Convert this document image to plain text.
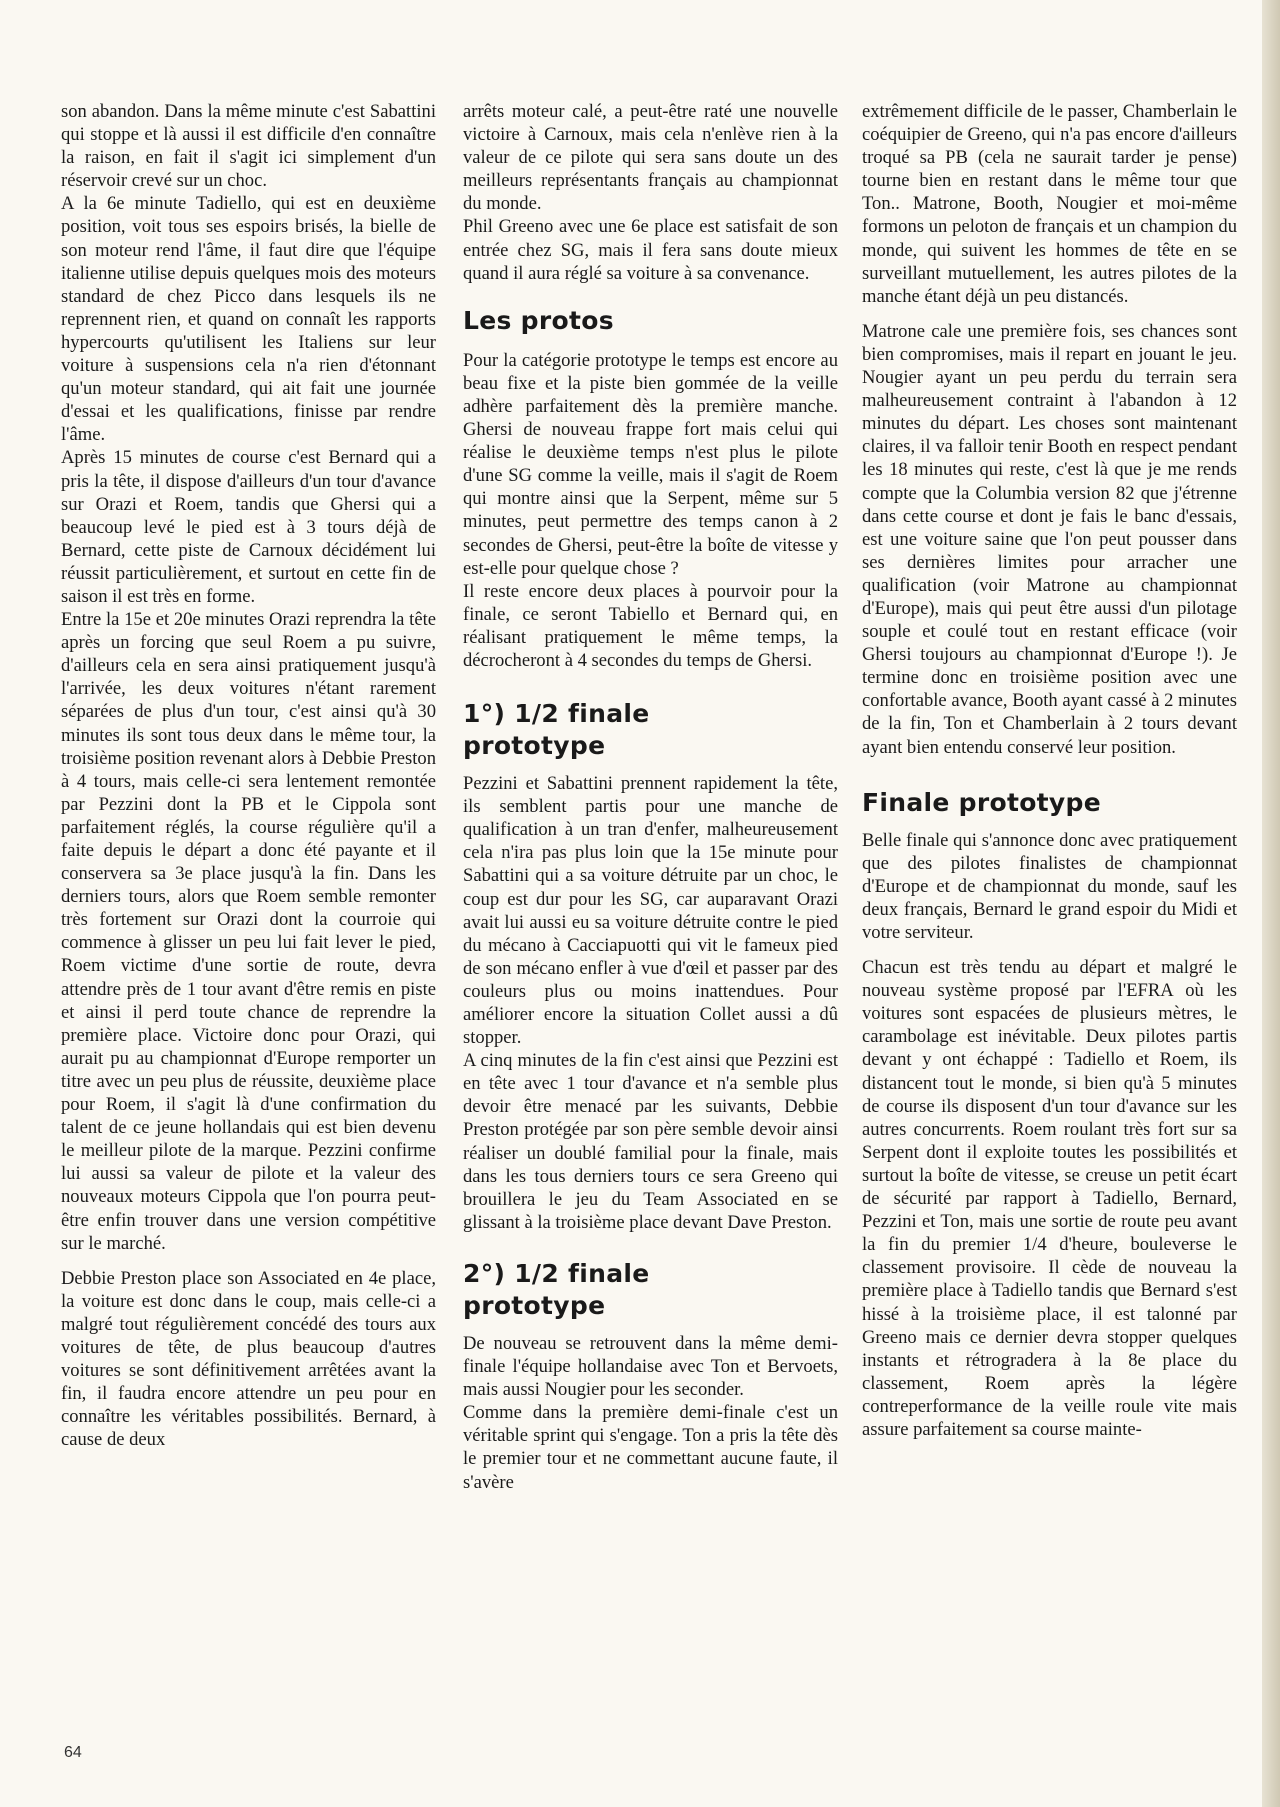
son abandon. Dans la même minute c'est Sabattini qui stoppe et là aussi il est difficile d'en connaître la raison, en fait il s'agit ici simplement d'un réservoir crevé sur un choc.

A la 6e minute Tadiello, qui est en deuxième position, voit tous ses espoirs brisés, la bielle de son moteur rend l'âme, il faut dire que l'équipe italienne utilise depuis quelques mois des moteurs standard de chez Picco dans lesquels ils ne reprennent rien, et quand on connaît les rapports hypercourts qu'utilisent les Italiens sur leur voiture à suspensions cela n'a rien d'étonnant qu'un moteur standard, qui ait fait une journée d'essai et les qualifications, finisse par rendre l'âme.

Après 15 minutes de course c'est Bernard qui a pris la tête, il dispose d'ailleurs d'un tour d'avance sur Orazi et Roem, tandis que Ghersi qui a beaucoup levé le pied est à 3 tours déjà de Bernard, cette piste de Carnoux décidément lui réussit particulièrement, et surtout en cette fin de saison il est très en forme.

Entre la 15e et 20e minutes Orazi reprendra la tête après un forcing que seul Roem a pu suivre, d'ailleurs cela en sera ainsi pratiquement jusqu'à l'arrivée, les deux voitures n'étant rarement séparées de plus d'un tour, c'est ainsi qu'à 30 minutes ils sont tous deux dans le même tour, la troisième position revenant alors à Debbie Preston à 4 tours, mais celle-ci sera lentement remontée par Pezzini dont la PB et le Cippola sont parfaitement réglés, la course régulière qu'il a faite depuis le départ a donc été payante et il conservera sa 3e place jusqu'à la fin. Dans les derniers tours, alors que Roem semble remonter très fortement sur Orazi dont la courroie qui commence à glisser un peu lui fait lever le pied, Roem victime d'une sortie de route, devra attendre près de 1 tour avant d'être remis en piste et ainsi il perd toute chance de reprendre la première place. Victoire donc pour Orazi, qui aurait pu au championnat d'Europe remporter un titre avec un peu plus de réussite, deuxième place pour Roem, il s'agit là d'une confirmation du talent de ce jeune hollandais qui est bien devenu le meilleur pilote de la marque. Pezzini confirme lui aussi sa valeur de pilote et la valeur des nouveaux moteurs Cippola que l'on pourra peut-être enfin trouver dans une version compétitive sur le marché.

Debbie Preston place son Associated en 4e place, la voiture est donc dans le coup, mais celle-ci a malgré tout régulièrement concédé des tours aux voitures de tête, de plus beaucoup d'autres voitures se sont définitivement arrêtées avant la fin, il faudra encore attendre un peu pour en connaître les véritables possibilités. Bernard, à cause de deux

arrêts moteur calé, a peut-être raté une nouvelle victoire à Carnoux, mais cela n'enlève rien à la valeur de ce pilote qui sera sans doute un des meilleurs représentants français au championnat du monde.

Phil Greeno avec une 6e place est satisfait de son entrée chez SG, mais il fera sans doute mieux quand il aura réglé sa voiture à sa convenance.

Les protos

Pour la catégorie prototype le temps est encore au beau fixe et la piste bien gommée de la veille adhère parfaitement dès la première manche. Ghersi de nouveau frappe fort mais celui qui réalise le deuxième temps n'est plus le pilote d'une SG comme la veille, mais il s'agit de Roem qui montre ainsi que la Serpent, même sur 5 minutes, peut permettre des temps canon à 2 secondes de Ghersi, peut-être la boîte de vitesse y est-elle pour quelque chose ?

Il reste encore deux places à pourvoir pour la finale, ce seront Tabiello et Bernard qui, en réalisant pratiquement le même temps, la décrocheront à 4 secondes du temps de Ghersi.

1°) 1/2 finale
prototype

Pezzini et Sabattini prennent rapidement la tête, ils semblent partis pour une manche de qualification à un tran d'enfer, malheureusement cela n'ira pas plus loin que la 15e minute pour Sabattini qui a sa voiture détruite par un choc, le coup est dur pour les SG, car auparavant Orazi avait lui aussi eu sa voiture détruite contre le pied du mécano à Cacciapuotti qui vit le fameux pied de son mécano enfler à vue d'œil et passer par des couleurs plus ou moins inattendues. Pour améliorer encore la situation Collet aussi a dû stopper.

A cinq minutes de la fin c'est ainsi que Pezzini est en tête avec 1 tour d'avance et n'a semble plus devoir être menacé par les suivants, Debbie Preston protégée par son père semble devoir ainsi réaliser un doublé familial pour la finale, mais dans les tous derniers tours ce sera Greeno qui brouillera le jeu du Team Associated en se glissant à la troisième place devant Dave Preston.

2°) 1/2 finale
prototype

De nouveau se retrouvent dans la même demi-finale l'équipe hollandaise avec Ton et Bervoets, mais aussi Nougier pour les seconder.

Comme dans la première demi-finale c'est un véritable sprint qui s'engage. Ton a pris la tête dès le premier tour et ne commettant aucune faute, il s'avère

extrêmement difficile de le passer, Chamberlain le coéquipier de Greeno, qui n'a pas encore d'ailleurs troqué sa PB (cela ne saurait tarder je pense) tourne bien en restant dans le même tour que Ton.. Matrone, Booth, Nougier et moi-même formons un peloton de français et un champion du monde, qui suivent les hommes de tête en se surveillant mutuellement, les autres pilotes de la manche étant déjà un peu distancés.

Matrone cale une première fois, ses chances sont bien compromises, mais il repart en jouant le jeu. Nougier ayant un peu perdu du terrain sera malheureusement contraint à l'abandon à 12 minutes du départ. Les choses sont maintenant claires, il va falloir tenir Booth en respect pendant les 18 minutes qui reste, c'est là que je me rends compte que la Columbia version 82 que j'étrenne dans cette course et dont je fais le banc d'essais, est une voiture saine que l'on peut pousser dans ses dernières limites pour arracher une qualification (voir Matrone au championnat d'Europe), mais qui peut être aussi d'un pilotage souple et coulé tout en restant efficace (voir Ghersi toujours au championnat d'Europe !). Je termine donc en troisième position avec une confortable avance, Booth ayant cassé à 2 minutes de la fin, Ton et Chamberlain à 2 tours devant ayant bien entendu conservé leur position.

Finale prototype

Belle finale qui s'annonce donc avec pratiquement que des pilotes finalistes de championnat d'Europe et de championnat du monde, sauf les deux français, Bernard le grand espoir du Midi et votre serviteur.

Chacun est très tendu au départ et malgré le nouveau système proposé par l'EFRA où les voitures sont espacées de plusieurs mètres, le carambolage est inévitable. Deux pilotes partis devant y ont échappé : Tadiello et Roem, ils distancent tout le monde, si bien qu'à 5 minutes de course ils disposent d'un tour d'avance sur les autres concurrents. Roem roulant très fort sur sa Serpent dont il exploite toutes les possibilités et surtout la boîte de vitesse, se creuse un petit écart de sécurité par rapport à Tadiello, Bernard, Pezzini et Ton, mais une sortie de route peu avant la fin du premier 1/4 d'heure, bouleverse le classement provisoire. Il cède de nouveau la première place à Tadiello tandis que Bernard s'est hissé à la troisième place, il est talonné par Greeno mais ce dernier devra stopper quelques instants et rétrogradera à la 8e place du classement, Roem après la légère contreperformance de la veille roule vite mais assure parfaitement sa course mainte-

64
